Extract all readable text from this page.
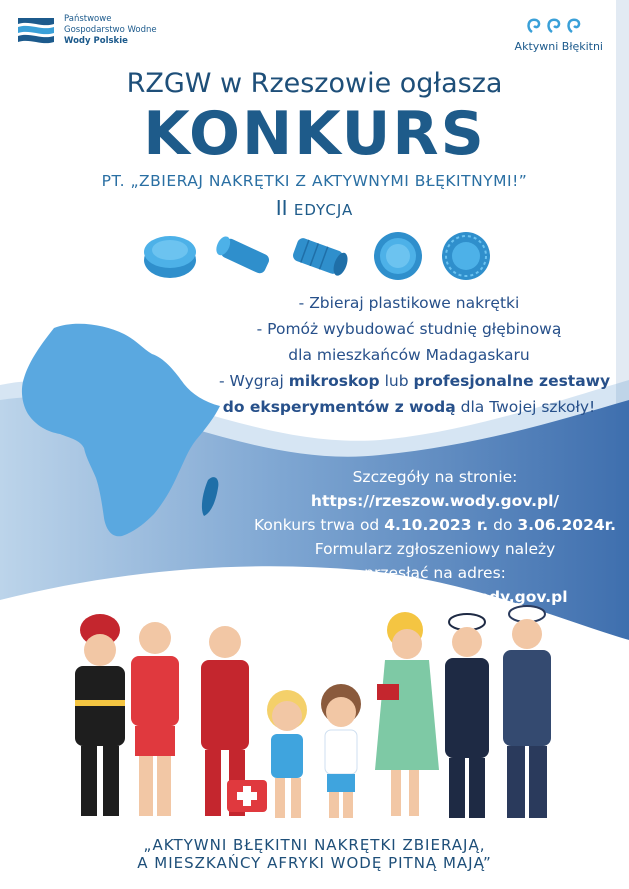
Państwowe
Gospodarstwo Wodne
Wody Polskie	Aktywni Błękitni
RZGW w Rzeszowie ogłasza
KONKURS
PT. „ZBIERAJ NAKRĘTKI Z AKTYWNYMI BŁĘKITNYMI!”
II EDYCJA
- Zbieraj plastikowe nakrętki
- Pomóż wybudować studnię głębinową
dla mieszkańców Madagaskaru
- Wygraj mikroskop lub profesjonalne zestawy
do eksperymentów z wodą dla Twojej szkoły!
Szczegóły na stronie:
https://rzeszow.wody.gov.pl/
Konkurs trwa od 4.10.2023 r. do 3.06.2024r.
Formularz zgłoszeniowy należy
przesłać na adres:
konkurs.rzeszow@wody.gov.pl
„AKTYWNI BŁĘKITNI NAKRĘTKI ZBIERAJĄ,
A MIESZKAŃCY AFRYKI WODĘ PITNĄ MAJĄ”
